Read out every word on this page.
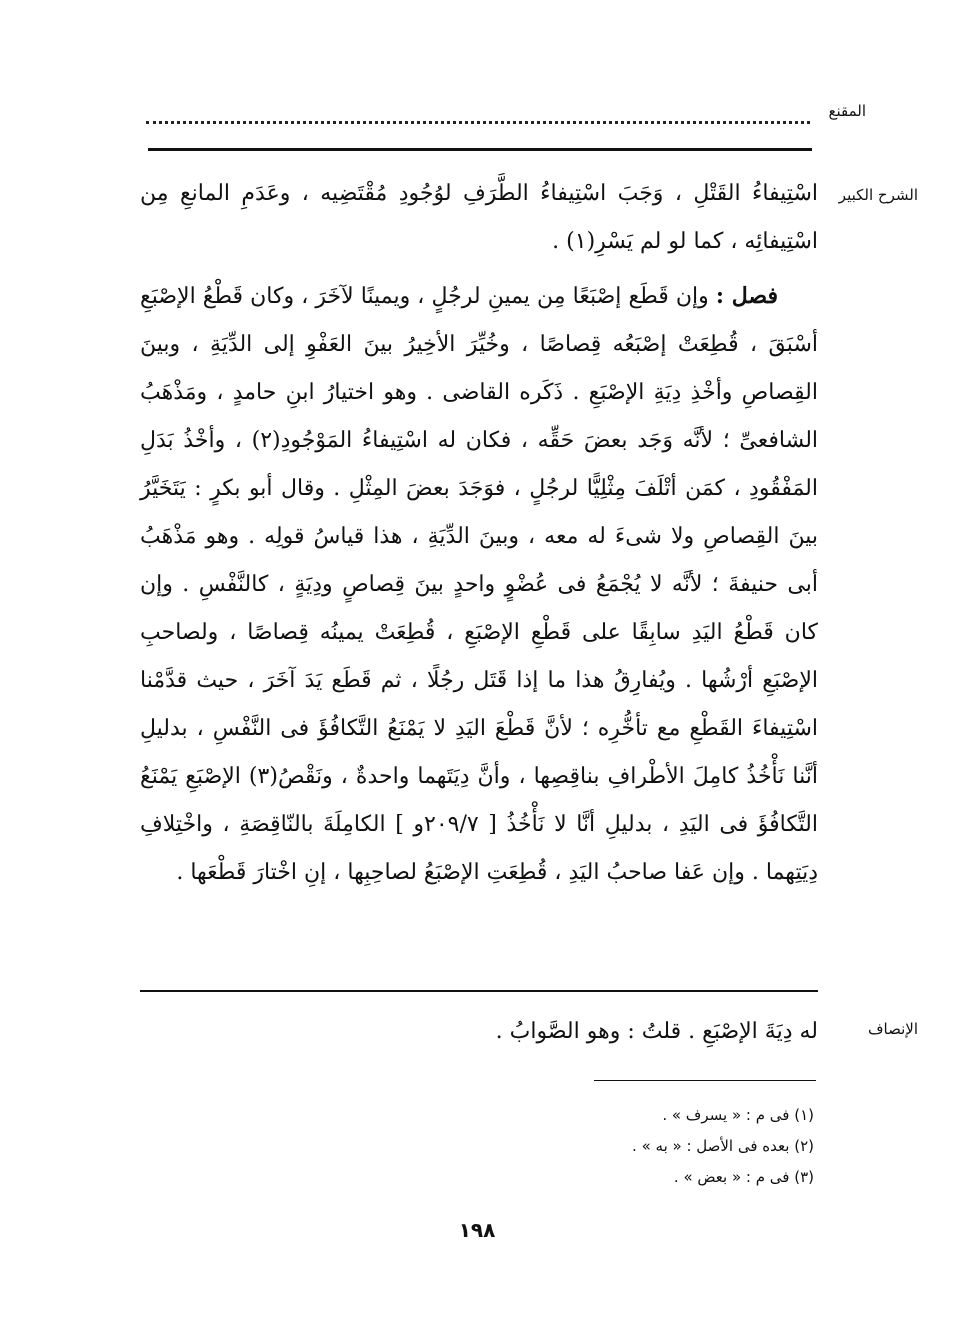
المقنع
الشرح الكبير

اسْتِيفاءُ القَتْلِ ، وَجَبَ اسْتِيفاءُ الطَّرَفِ لوُجُودِ مُقْتَضِيه ، وعَدَمِ المانعِ مِن اسْتِيفائِه ، كما لو لم يَسْرِ(١) .

فصل : وإن قَطَع إصْبَعًا مِن يمينِ لرجُلٍ ، ويمينًا لآخَرَ ، وكان قَطْعُ الإصْبَعِ أسْبَقَ ، قُطِعَتْ إصْبَعُه قِصاصًا ، وخُيِّرَ الأخِيرُ بينَ العَفْوِ إلى الدِّيَةِ ، وبينَ القِصاصِ وأخْذِ دِيَةِ الإصْبَعِ . ذَكَره القاضى . وهو اختيارُ ابنِ حامدٍ ، ومَذْهَبُ الشافعىِّ ؛ لأنَّه وَجَد بعضَ حَقِّه ، فكان له اسْتِيفاءُ المَوْجُودِ(٢) ، وأخْذُ بَدَلِ المَفْقُودِ ، كمَن أتْلَفَ مِثْلِيًّا لرجُلٍ ، فوَجَدَ بعضَ المِثْلِ . وقال أبو بكرٍ : يَتَخَيَّرُ بينَ القِصاصِ ولا شىءَ له معه ، وبينَ الدِّيَةِ ، هذا قياسُ قولِه . وهو مَذْهَبُ أبى حنيفةَ ؛ لأنَّه لا يُجْمَعُ فى عُضْوٍ واحدٍ بينَ قِصاصٍ ودِيَةٍ ، كالنَّفْسِ . وإن كان قَطْعُ اليَدِ سابِقًا على قَطْعِ الإصْبَعِ ، قُطِعَتْ يمينُه قِصاصًا ، ولصاحبِ الإصْبَعِ أرْشُها . ويُفارِقُ هذا ما إذا قَتَل رجُلًا ، ثم قَطَع يَدَ آخَرَ ، حيث قدَّمْنا اسْتِيفاءَ القَطْعِ مع تأخُّرِه ؛ لأنَّ قَطْعَ اليَدِ لا يَمْنَعُ التَّكافُؤَ فى النَّفْسِ ، بدليلِ أنَّنا نَأْخُذُ كامِلَ الأطْرافِ بناقِصِها ، وأنَّ دِيَتَهما واحدةٌ ، ونَقْصُ(٣) الإصْبَعِ يَمْنَعُ التَّكافُؤَ فى اليَدِ ، بدليلِ أنَّا لا نَأْخُذُ [ ٢٠٩/٧و ] الكامِلَةَ بالنّاقِصَةِ ، واخْتِلافِ دِيَتِهما . وإن عَفا صاحبُ اليَدِ ، قُطِعَتِ الإصْبَعُ لصاحِبِها ، إنِ اخْتارَ قَطْعَها .

الإنصاف
له دِيَةَ الإصْبَعِ . قلتُ : وهو الصَّوابُ .
(١) فى م : « يسرف » .
(٢) بعده فى الأصل : « به » .
(٣) فى م : « بعض » .
١٩٨
